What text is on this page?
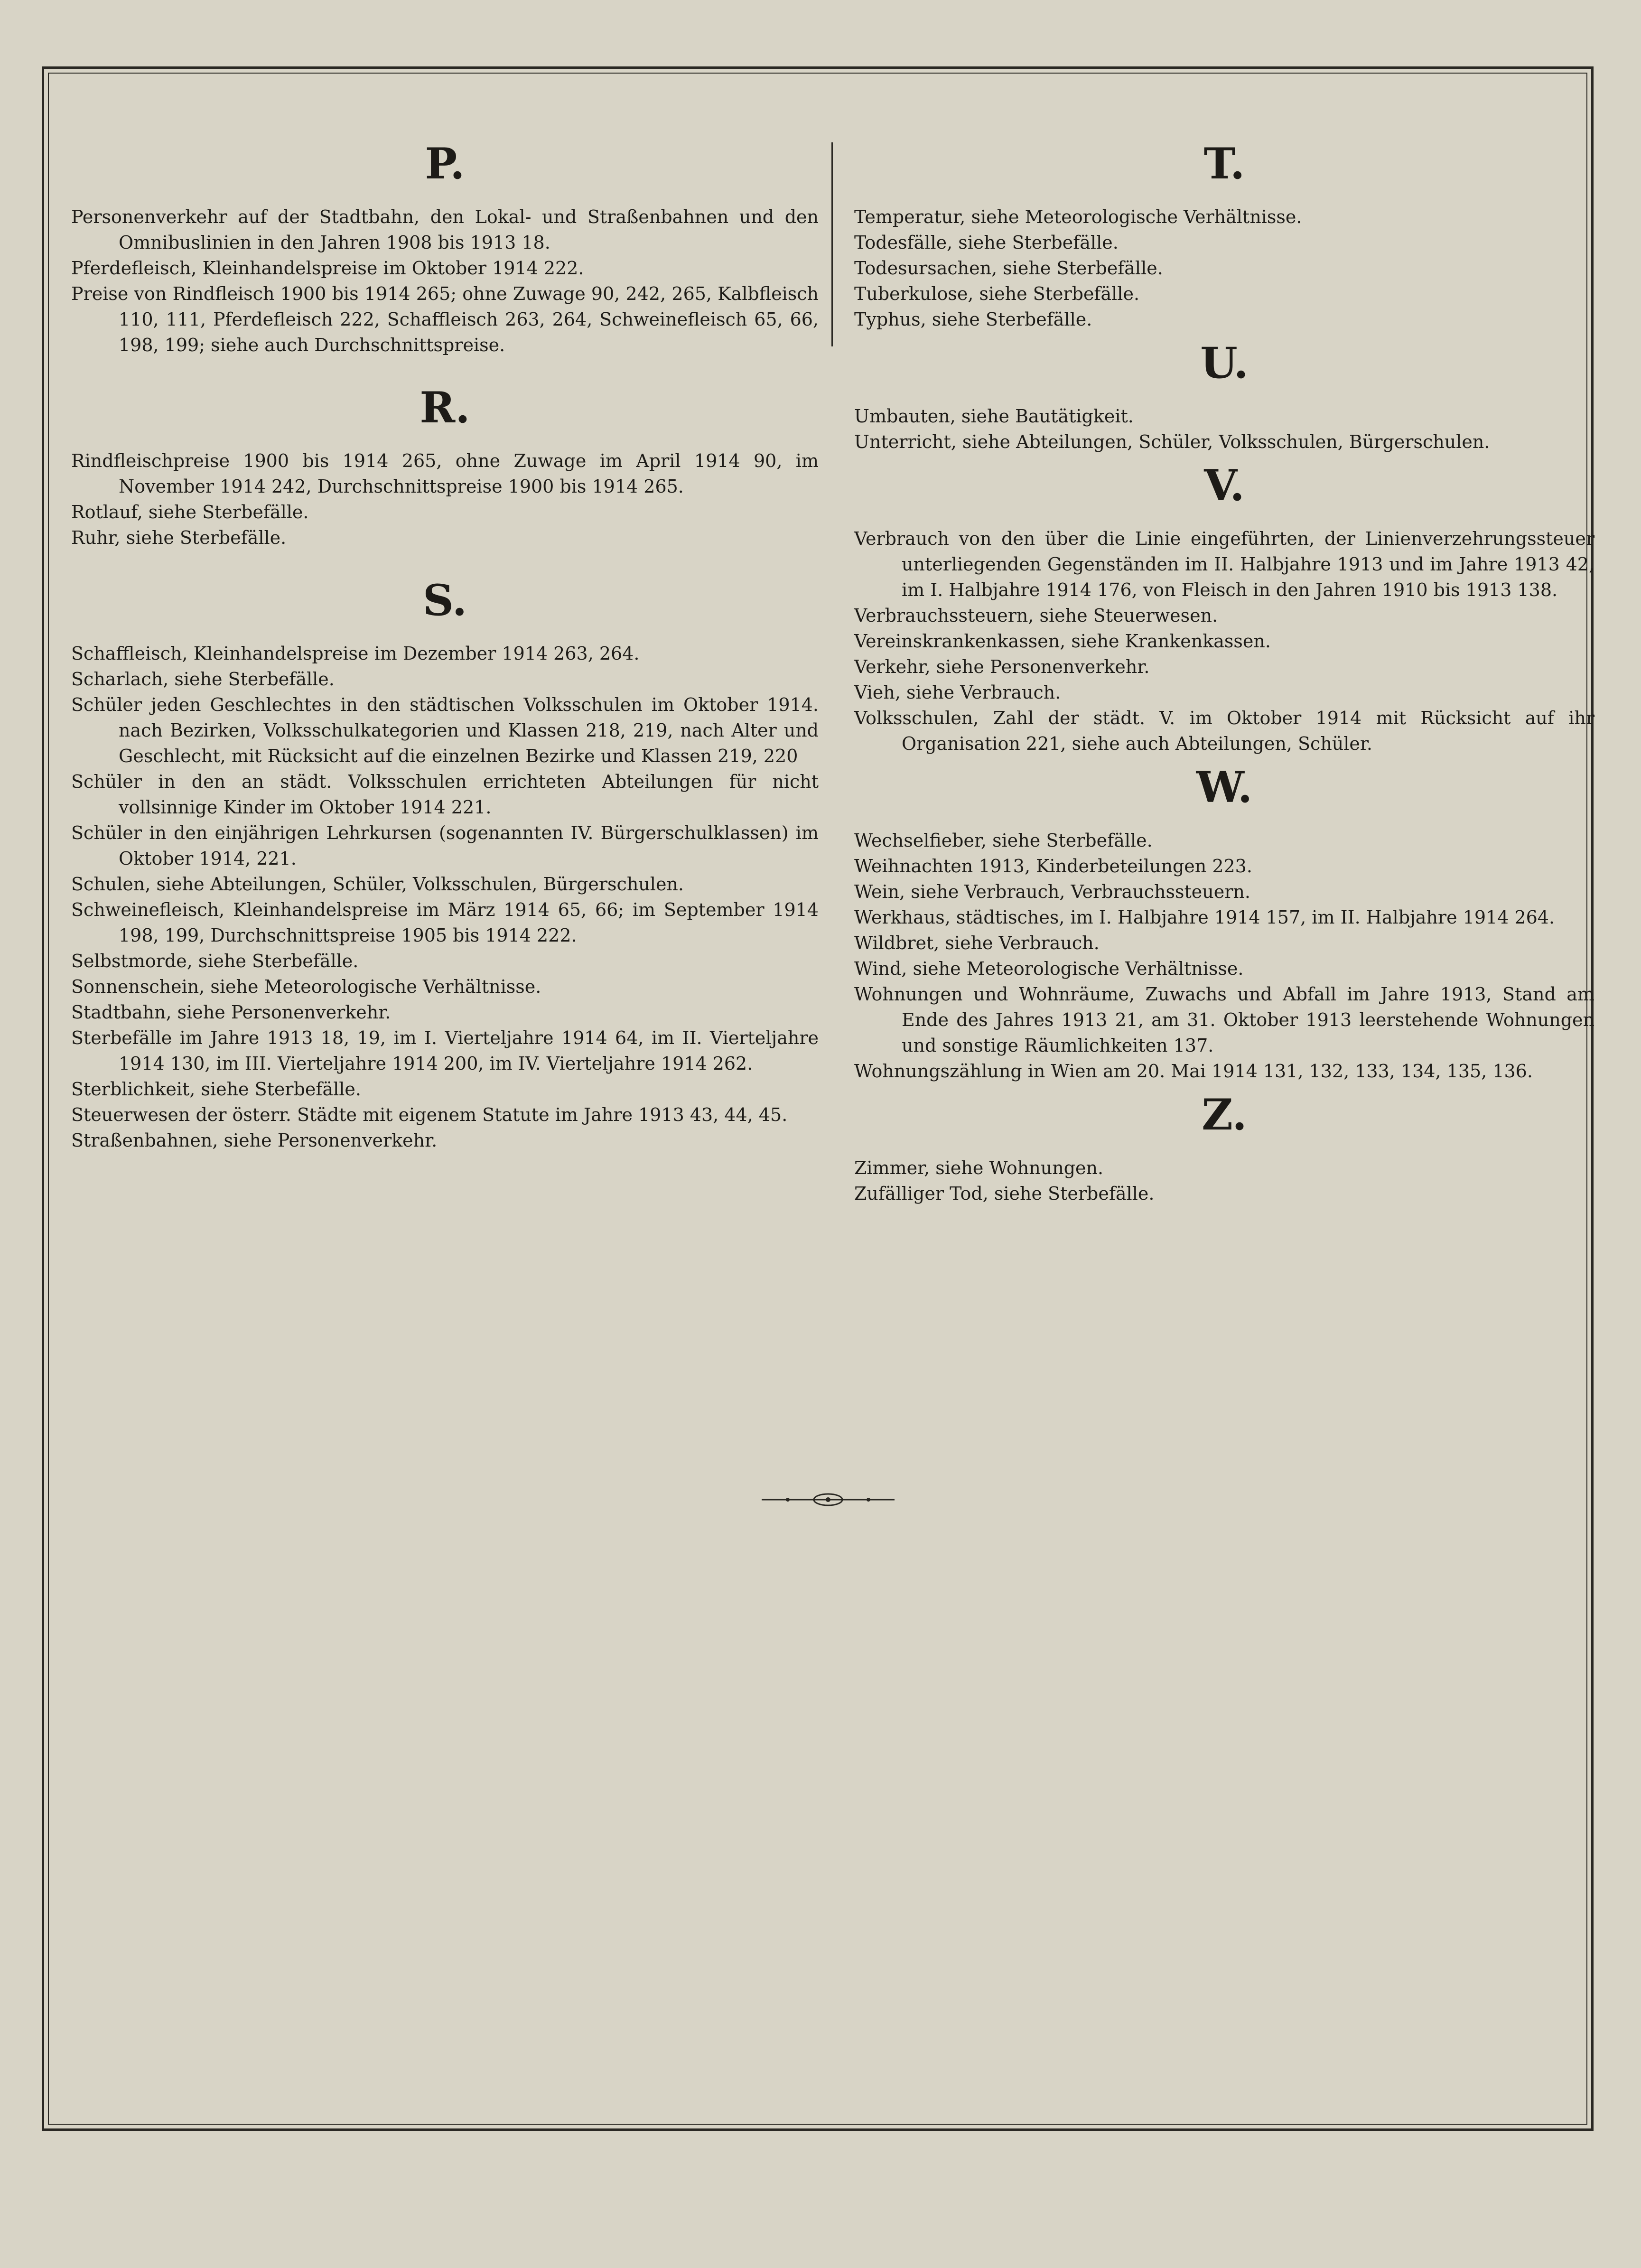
P.
Personenverkehr auf der Stadtbahn, den Lokal- und Straßenbahnen und den Omnibuslinien in den Jahren 1908 bis 1913 18.
Pferdefleisch, Kleinhandelspreise im Oktober 1914 222.
Preise von Rindfleisch 1900 bis 1914 265; ohne Zuwage 90, 242, 265, Kalbfleisch 110, 111, Pferdefleisch 222, Schaffleisch 263, 264, Schweinefleisch 65, 66, 198, 199; siehe auch Durchschnittspreise.
R.
Rindfleischpreise 1900 bis 1914 265, ohne Zuwage im April 1914 90, im November 1914 242, Durchschnittspreise 1900 bis 1914 265.
Rotlauf, siehe Sterbefälle.
Ruhr, siehe Sterbefälle.
S.
Schaffleisch, Kleinhandelspreise im Dezember 1914 263, 264.
Scharlach, siehe Sterbefälle.
Schüler jeden Geschlechtes in den städtischen Volksschulen im Oktober 1914. nach Bezirken, Volksschulkategorien und Klassen 218, 219, nach Alter und Geschlecht, mit Rücksicht auf die einzelnen Bezirke und Klassen 219, 220
Schüler in den an städt. Volksschulen errichteten Abteilungen für nicht vollsinnige Kinder im Oktober 1914 221.
Schüler in den einjährigen Lehrkursen (sogenannten IV. Bürgerschulklassen) im Oktober 1914, 221.
Schulen, siehe Abteilungen, Schüler, Volksschulen, Bürgerschulen.
Schweinefleisch, Kleinhandelspreise im März 1914 65, 66; im September 1914 198, 199, Durchschnittspreise 1905 bis 1914 222.
Selbstmorde, siehe Sterbefälle.
Sonnenschein, siehe Meteorologische Verhältnisse.
Stadtbahn, siehe Personenverkehr.
Sterbefälle im Jahre 1913 18, 19, im I. Vierteljahre 1914 64, im II. Vierteljahre 1914 130, im III. Vierteljahre 1914 200, im IV. Vierteljahre 1914 262.
Sterblichkeit, siehe Sterbefälle.
Steuerwesen der österr. Städte mit eigenem Statute im Jahre 1913 43, 44, 45.
Straßenbahnen, siehe Personenverkehr.
T.
Temperatur, siehe Meteorologische Verhältnisse.
Todesfälle, siehe Sterbefälle.
Todesursachen, siehe Sterbefälle.
Tuberkulose, siehe Sterbefälle.
Typhus, siehe Sterbefälle.
U.
Umbauten, siehe Bautätigkeit.
Unterricht, siehe Abteilungen, Schüler, Volksschulen, Bürgerschulen.
V.
Verbrauch von den über die Linie eingeführten, der Linienverzehrungssteuer unterliegenden Gegenständen im II. Halbjahre 1913 und im Jahre 1913 42, im I. Halbjahre 1914 176, von Fleisch in den Jahren 1910 bis 1913 138.
Verbrauchssteuern, siehe Steuerwesen.
Vereinskrankenkassen, siehe Krankenkassen.
Verkehr, siehe Personenverkehr.
Vieh, siehe Verbrauch.
Volksschulen, Zahl der städt. V. im Oktober 1914 mit Rücksicht auf ihr Organisation 221, siehe auch Abteilungen, Schüler.
W.
Wechselfieber, siehe Sterbefälle.
Weihnachten 1913, Kinderbeteilungen 223.
Wein, siehe Verbrauch, Verbrauchssteuern.
Werkhaus, städtisches, im I. Halbjahre 1914 157, im II. Halbjahre 1914 264.
Wildbret, siehe Verbrauch.
Wind, siehe Meteorologische Verhältnisse.
Wohnungen und Wohnräume, Zuwachs und Abfall im Jahre 1913, Stand am Ende des Jahres 1913 21, am 31. Oktober 1913 leerstehende Wohnungen und sonstige Räumlichkeiten 137.
Wohnungszählung in Wien am 20. Mai 1914 131, 132, 133, 134, 135, 136.
Z.
Zimmer, siehe Wohnungen.
Zufälliger Tod, siehe Sterbefälle.
